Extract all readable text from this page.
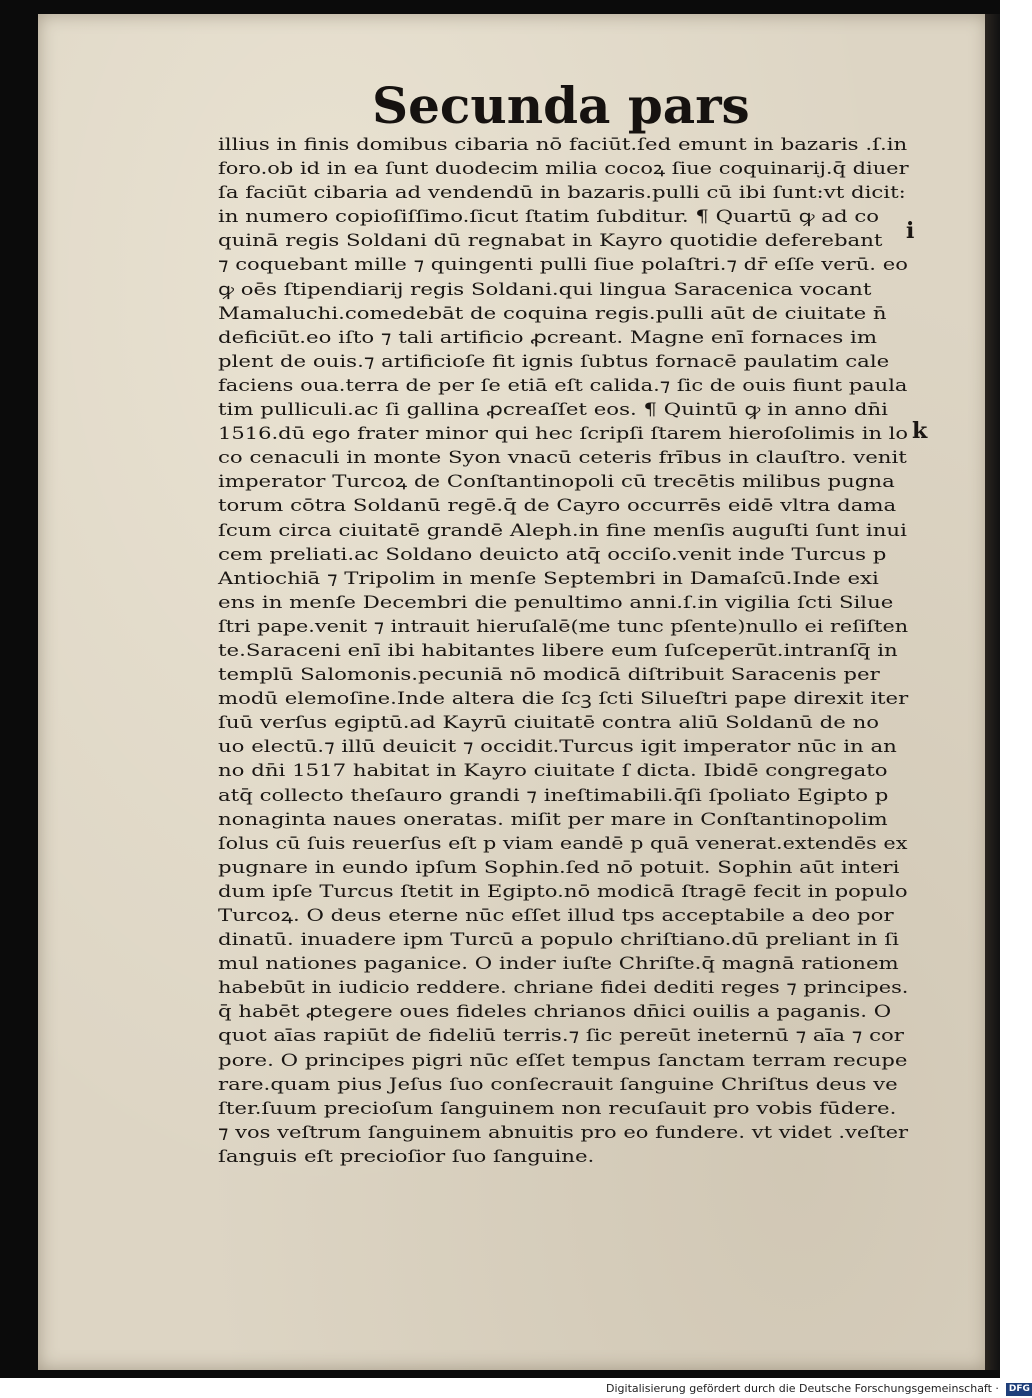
Secunda pars
illius in finis domibus cibaria nō faciūt.ſed emunt in bazaris .ſ.in
foro.ob id in ea ſunt duodecim milia cocoꝝ ſiue coquinarij.q̄ diuer
ſa faciūt cibaria ad vendendū in bazaris.pulli cū ibi ſunt:vt dicit:
in numero copioſiſſimo.ſicut ſtatim ſubditur. ¶ Quartū ꝙ ad co
quinā regis Soldani dū regnabat in Kayro quotidie deferebant
⁊ coquebant mille ⁊ quingenti pulli ſiue polaſtri.⁊ dr̄ eſſe verū. eo
ꝙ oēs ſtipendiarij regis Soldani.qui lingua Saracenica vocant
Mamaluchi.comedebāt de coquina regis.pulli aūt de ciuitate n̄
deficiūt.eo iſto ⁊ tali artificio ꝓcreant. Magne enī fornaces im
plent de ouis.⁊ artificioſe fit ignis ſubtus fornacē paulatim cale
faciens oua.terra de per ſe etiā eſt calida.⁊ ſic de ouis fiunt paula
tim pulliculi.ac ſi gallina ꝓcreaſſet eos. ¶ Quintū ꝙ in anno dn̄i
1516.dū ego frater minor qui hec ſcripſi ſtarem hieroſolimis in lo
co cenaculi in monte Syon vnacū ceteris frībus in clauſtro. venit
imperator Turcoꝝ de Conſtantinopoli cū trecētis milibus pugna
torum cōtra Soldanū regē.q̄ de Cayro occurrēs eidē vltra dama
ſcum circa ciuitatē grandē Aleph.in fine menſis auguſti ſunt inui
cem preliati.ac Soldano deuicto atq̄ occiſo.venit inde Turcus p
Antiochiā ⁊ Tripolim in menſe Septembri in Damaſcū.Inde exi
ens in menſe Decembri die penultimo anni.ſ.in vigilia ſcti Silue
ſtri pape.venit ⁊ intrauit hieruſalē(me tunc pſente)nullo ei reſiſten
te.Saraceni enī ibi habitantes libere eum ſuſceperūt.intranſq̄ in
templū Salomonis.pecuniā nō modicā diſtribuit Saracenis per
modū elemoſine.Inde altera die ſcꝫ ſcti Silueſtri pape direxit iter
ſuū verſus egiptū.ad Kayrū ciuitatē contra aliū Soldanū de no
uo electū.⁊ illū deuicit ⁊ occidit.Turcus igit imperator nūc in an
no dn̄i 1517 habitat in Kayro ciuitate ſ dicta. Ibidē congregato
atq̄ collecto theſauro grandi ⁊ ineſtimabili.q̄ſi ſpoliato Egipto p
nonaginta naues oneratas. miſit per mare in Conſtantinopolim
ſolus cū ſuis reuerſus eſt p viam eandē p quā venerat.extendēs ex
pugnare in eundo ipſum Sophin.ſed nō potuit. Sophin aūt interi
dum ipſe Turcus ſtetit in Egipto.nō modicā ſtragē fecit in populo
Turcoꝝ. O deus eterne nūc eſſet illud tps acceptabile a deo por
dinatū. inuadere ipm Turcū a populo chriſtiano.dū preliant in ſi
mul nationes paganice. O inder iuſte Chriſte.q̄ magnā rationem
habebūt in iudicio reddere. chriane fidei dediti reges ⁊ principes.
q̄ habēt ꝓtegere oues fideles chrianos dn̄ici ouilis a paganis. O
quot aīas rapiūt de fideliū terris.⁊ ſic pereūt ineternū ⁊ aīa ⁊ cor
pore. O principes pigri nūc eſſet tempus ſanctam terram recupe
rare.quam pius Jeſus ſuo conſecrauit ſanguine Chriſtus deus ve
ſter.ſuum precioſum ſanguinem non recuſauit pro vobis fūdere.
⁊ vos veſtrum ſanguinem abnuitis pro eo fundere. vt videt .veſter
ſanguis eſt precioſior ſuo ſanguine.
i
k
Digitalisierung gefördert durch die Deutsche Forschungsgemeinschaft · DFG
